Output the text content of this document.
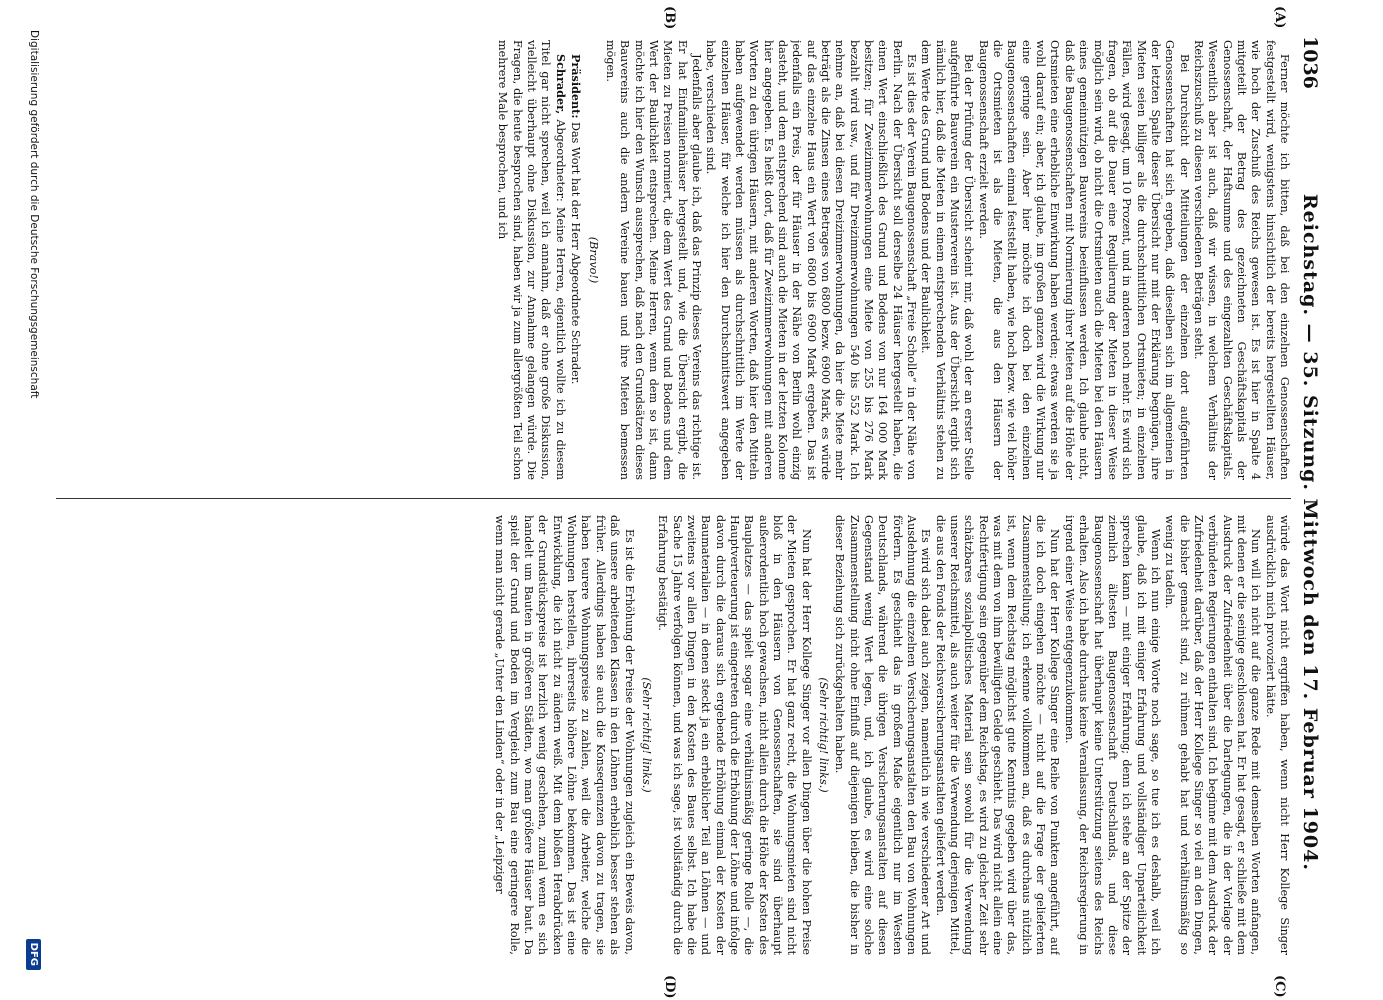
1036
Reichstag. — 35. Sitzung. Mittwoch den 17. Februar 1904.
(A)
(B)
(C)
(D)

Ferner möchte ich bitten, daß bei den einzelnen Genossenschaften festgestellt wird, wenigstens hinsichtlich der bereits hergestellten Häuser, wie hoch der Zuschuß des Reichs gewesen ist. Es ist hier in Spalte 4 mitgeteilt der Betrag des gezeichneten Geschäftskapitals der Genossenschaft, der Haftsumme und des eingezahlten Geschäftskapitals. Wesentlich aber ist auch, daß wir wissen, in welchem Verhältnis der Reichszuschuß zu diesen verschiedenen Beträgen steht.

Bei Durchsicht der Mitteilungen der einzelnen dort aufgeführten Genossenschaften hat sich ergeben, daß dieselben sich im allgemeinen in der letzten Spalte dieser Übersicht nur mit der Erklärung begnügen, ihre Mieten seien billiger als die durchschnittlichen Ortsmieten; in einzelnen Fällen, wird gesagt, um 10 Prozent, und in anderen noch mehr. Es wird sich fragen, ob auf die Dauer eine Regulierung der Mieten in dieser Weise möglich sein wird, ob nicht die Ortsmieten auch die Mieten bei den Häusern eines gemeinnützigen Bauvereins beeinflussen werden. Ich glaube nicht, daß die Baugenossenschaften mit Normierung ihrer Mieten auf die Höhe der Ortsmieten eine erhebliche Einwirkung haben werden; etwas werden sie ja wohl darauf ein; aber, ich glaube, im großen ganzen wird die Wirkung nur eine geringe sein. Aber hier möchte ich doch bei den einzelnen Baugenossenschaften einmal feststellt haben, wie hoch bezw. wie viel höher die Ortsmieten ist als die Mieten, die aus den Häusern der Baugenossenschaft erzielt werden.

Bei der Prüfung der Übersicht scheint mir, daß wohl der an erster Stelle aufgeführte Bauverein ein Musterverein ist. Aus der Übersicht ergibt sich nämlich hier, daß die Mieten in einem entsprechenden Verhältnis stehen zu dem Werte des Grund und Bodens und der Baulichkeit.

Es ist dies der Verein Baugenossenschaft „Freie Scholle“ in der Nähe von Berlin. Nach der Übersicht soll derselbe 24 Häuser hergestellt haben, die einen Wert einschließlich des Grund und Bodens von nur 164 000 Mark besitzen; für Zweizimmerwohnungen eine Miete von 255 bis 276 Mark bezahlt wird usw., und für Dreizimmerwohnungen 540 bis 552 Mark. Ich nehme an, daß bei diesen Dreizimmerwohnungen, da hier die Miete mehr beträgt als die Zinsen eines Betrages von 6800 bezw. 6900 Mark, es würde auf das einzelne Haus ein Wert von 6800 bis 6900 Mark ergeben. Das ist jedenfalls ein Preis, der für Häuser in der Nähe von Berlin wohl einzig dasteht, und dem entsprechend sind auch die Mieten in der letzten Kolonne hier angegeben. Es heißt dort, daß für Zweizimmerwohnungen mit anderen Worten zu den übrigen Häusern, mit anderen Worten, daß hier den Mitteln haben aufgewendet werden müssen als durchschnittlich im Werte der einzelnen Häuser, für welche ich hier den Durchschnittswert angegeben habe, verschieden sind.

Jedenfalls aber glaube ich, daß das Prinzip dieses Vereins das richtige ist. Er hat Einfamilienhäuser hergestellt und, wie die Übersicht ergibt, die Mieten zu Preisen normiert, die dem Wert des Grund und Bodens und dem Wert der Baulichkeit entsprechen. Meine Herren, wenn dem so ist, dann möchte ich hier den Wunsch aussprechen, daß nach den Grundsätzen dieses Bauvereins auch die andern Vereine bauen und ihre Mieten bemessen mögen.

(Bravo!)

Präsident: Das Wort hat der Herr Abgeordnete Schrader.

Schrader, Abgeordneter: Meine Herren, eigentlich wollte ich zu diesem Titel gar nicht sprechen, weil ich annahm, daß er ohne große Diskussion, vielleicht überhaupt ohne Diskussion, zur Annahme gelangen würde. Die Fragen, die heute besprochen sind, haben wir ja zum allergrößten Teil schon mehrere Male besprochen, und ich

würde das Wort nicht ergriffen haben, wenn nicht Herr Kollege Singer ausdrücklich mich provoziert hätte.

Nun will ich nicht auf die ganze Rede mit demselben Worten anfangen, mit denen er die seinige geschlossen hat. Er hat gesagt, er schließe mit dem Ausdruck der Zufriedenheit über die Darlegungen, die in der Vorlage der verbündeten Regierungen enthalten sind. Ich beginne mit dem Ausdruck der Zufriedenheit darüber, daß der Herr Kollege Singer so viel an den Dingen, die bisher gemacht sind, zu rühmen gehabt hat und verhältnismäßig so wenig zu tadeln.

Wenn ich nun einige Worte noch sage, so tue ich es deshalb, weil ich glaube, daß ich mit einiger Erfahrung und vollständiger Unparteilichkeit sprechen kann — mit einiger Erfahrung; denn ich stehe an der Spitze der ziemlich ältesten Baugenossenschaft Deutschlands, und diese Baugenossenschaft hat überhaupt keine Unterstützung seitens des Reichs erhalten. Also ich habe durchaus keine Veranlassung, der Reichsregierung in irgend einer Weise entgegenzukommen.

Nun hat der Herr Kollege Singer eine Reihe von Punkten angeführt, auf die ich doch eingehen möchte — nicht auf die Frage der gelieferten Zusammenstellung; ich erkenne vollkommen an, daß es durchaus nützlich ist, wenn dem Reichstag möglichst gute Kenntnis gegeben wird über das, was mit dem von ihm bewilligten Gelde geschieht. Das wird nicht allein eine Rechtfertigung sein gegenüber dem Reichstag, es wird zu gleicher Zeit sehr schätzbares sozialpolitisches Material sein sowohl für die Verwendung unserer Reichsmittel, als auch weiter für die Verwendung derjenigen Mittel, die aus den Fonds der Reichsversicherungsanstalten geliefert werden.

Es wird sich dabei auch zeigen, namentlich in wie verschiedener Art und Ausdehnung die einzelnen Versicherungsanstalten den Bau von Wohnungen fördern. Es geschieht das in großem Maße eigentlich nur im Westen Deutschlands, während die übrigen Versicherungsanstalten auf diesen Gegenstand wenig Wert legen, und, ich glaube, es wird eine solche Zusammenstellung nicht ohne Einfluß auf diejenigen bleiben, die bisher in dieser Beziehung sich zurückgehalten haben.

(Sehr richtig! links.)

Nun hat der Herr Kollege Singer vor allen Dingen über die hohen Preise der Mieten gesprochen. Er hat ganz recht, die Wohnungsmieten sind nicht bloß in den Häusern von Genossenschaften, sie sind überhaupt außerordentlich hoch gewachsen, nicht allein durch die Höhe der Kosten des Bauplatzes — das spielt sogar eine verhältnismäßig geringe Rolle —, die Hauptverteuerung ist eingetreten durch die Erhöhung der Löhne und infolge davon durch die daraus sich ergebende Erhöhung einmal der Kosten der Baumaterialien — in denen steckt ja ein erheblicher Teil an Löhnen — und zweitens vor allen Dingen in den Kosten des Baues selbst. Ich habe die Sache 15 Jahre verfolgen können, und was ich sage, ist vollständig durch die Erfahrung bestätigt.

(Sehr richtig! links.)

Es ist die Erhöhung der Preise der Wohnungen zugleich ein Beweis davon, daß unsere arbeitenden Klassen in den Löhnen erheblich besser stehen als früher. Allerdings haben sie auch die Konsequenzen davon zu tragen, sie haben teurere Wohnungspreise zu zahlen, weil die Arbeiter, welche die Wohnungen herstellen, ihrerseits höhere Löhne bekommen. Das ist eine Entwicklung, die ich nicht zu ändern weiß. Mit dem bloßen Herabdrücken der Grundstückspreise ist herzlich wenig geschehen, zumal wenn es sich handelt um Bauten in größeren Städten, wo man größere Häuser baut. Da spielt der Grund und Boden im Vergleich zum Bau eine geringere Rolle, wenn man nicht gerade „Unter den Linden“ oder in der „Leipziger

Digitalisierung gefördert durch die Deutsche Forschungsgemeinschaft
DFG
